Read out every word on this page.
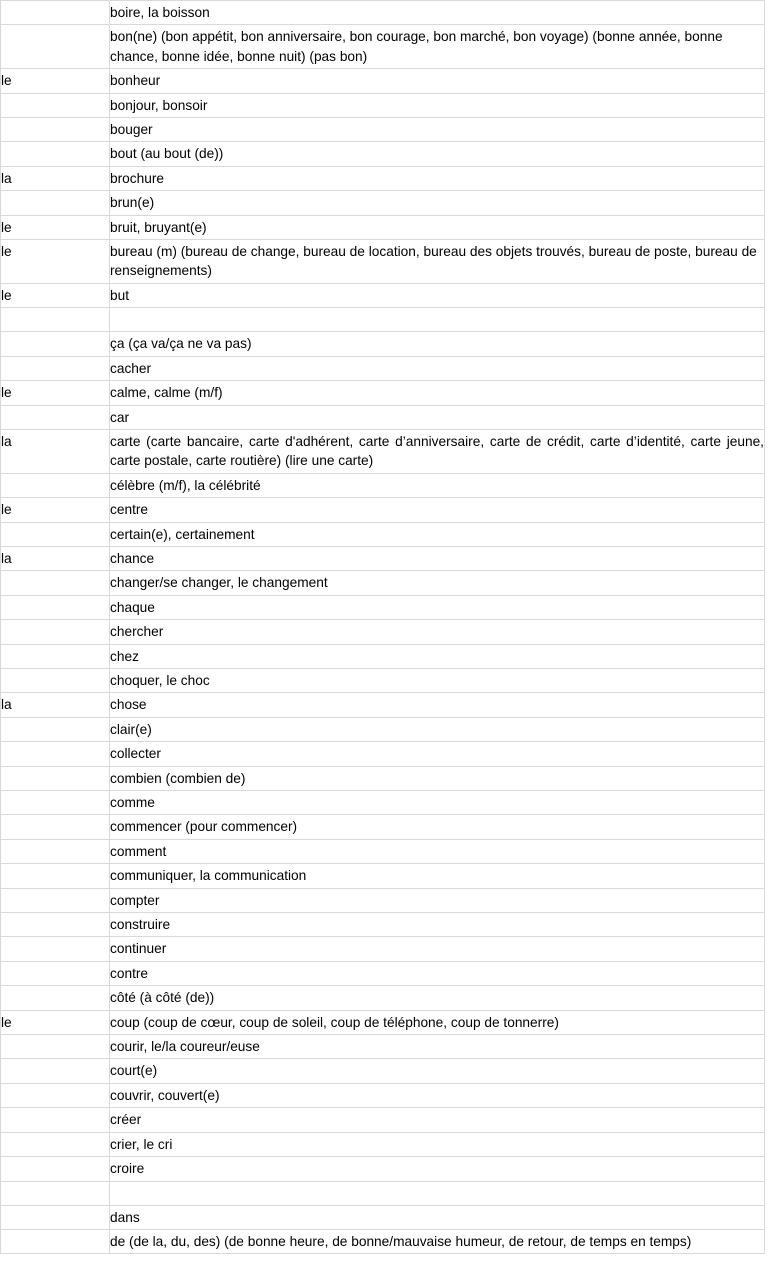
	boire, la boisson
	bon(ne) (bon appétit, bon anniversaire, bon courage, bon marché, bon voyage) (bonne année, bonne chance, bonne idée, bonne nuit) (pas bon)
le	bonheur
	bonjour, bonsoir
	bouger
	bout (au bout (de))
la	brochure
	brun(e)
le	bruit, bruyant(e)
le	bureau (m) (bureau de change, bureau de location, bureau des objets trouvés, bureau de poste, bureau de renseignements)
le	but

	ça (ça va/ça ne va pas)
	cacher
le	calme, calme (m/f)
	car
la	carte (carte bancaire, carte d'adhérent, carte d’anniversaire, carte de crédit, carte d’identité, carte jeune, carte postale, carte routière) (lire une carte)
	célèbre (m/f), la célébrité
le	centre
	certain(e), certainement
la	chance
	changer/se changer, le changement
	chaque
	chercher
	chez
	choquer, le choc
la	chose
	clair(e)
	collecter
	combien (combien de)
	comme
	commencer (pour commencer)
	comment
	communiquer, la communication
	compter
	construire
	continuer
	contre
	côté (à côté (de))
le	coup (coup de cœur, coup de soleil, coup de téléphone, coup de tonnerre)
	courir, le/la coureur/euse
	court(e)
	couvrir, couvert(e)
	créer
	crier, le cri
	croire

	dans
	de (de la, du, des) (de bonne heure, de bonne/mauvaise humeur, de retour, de temps en temps)
